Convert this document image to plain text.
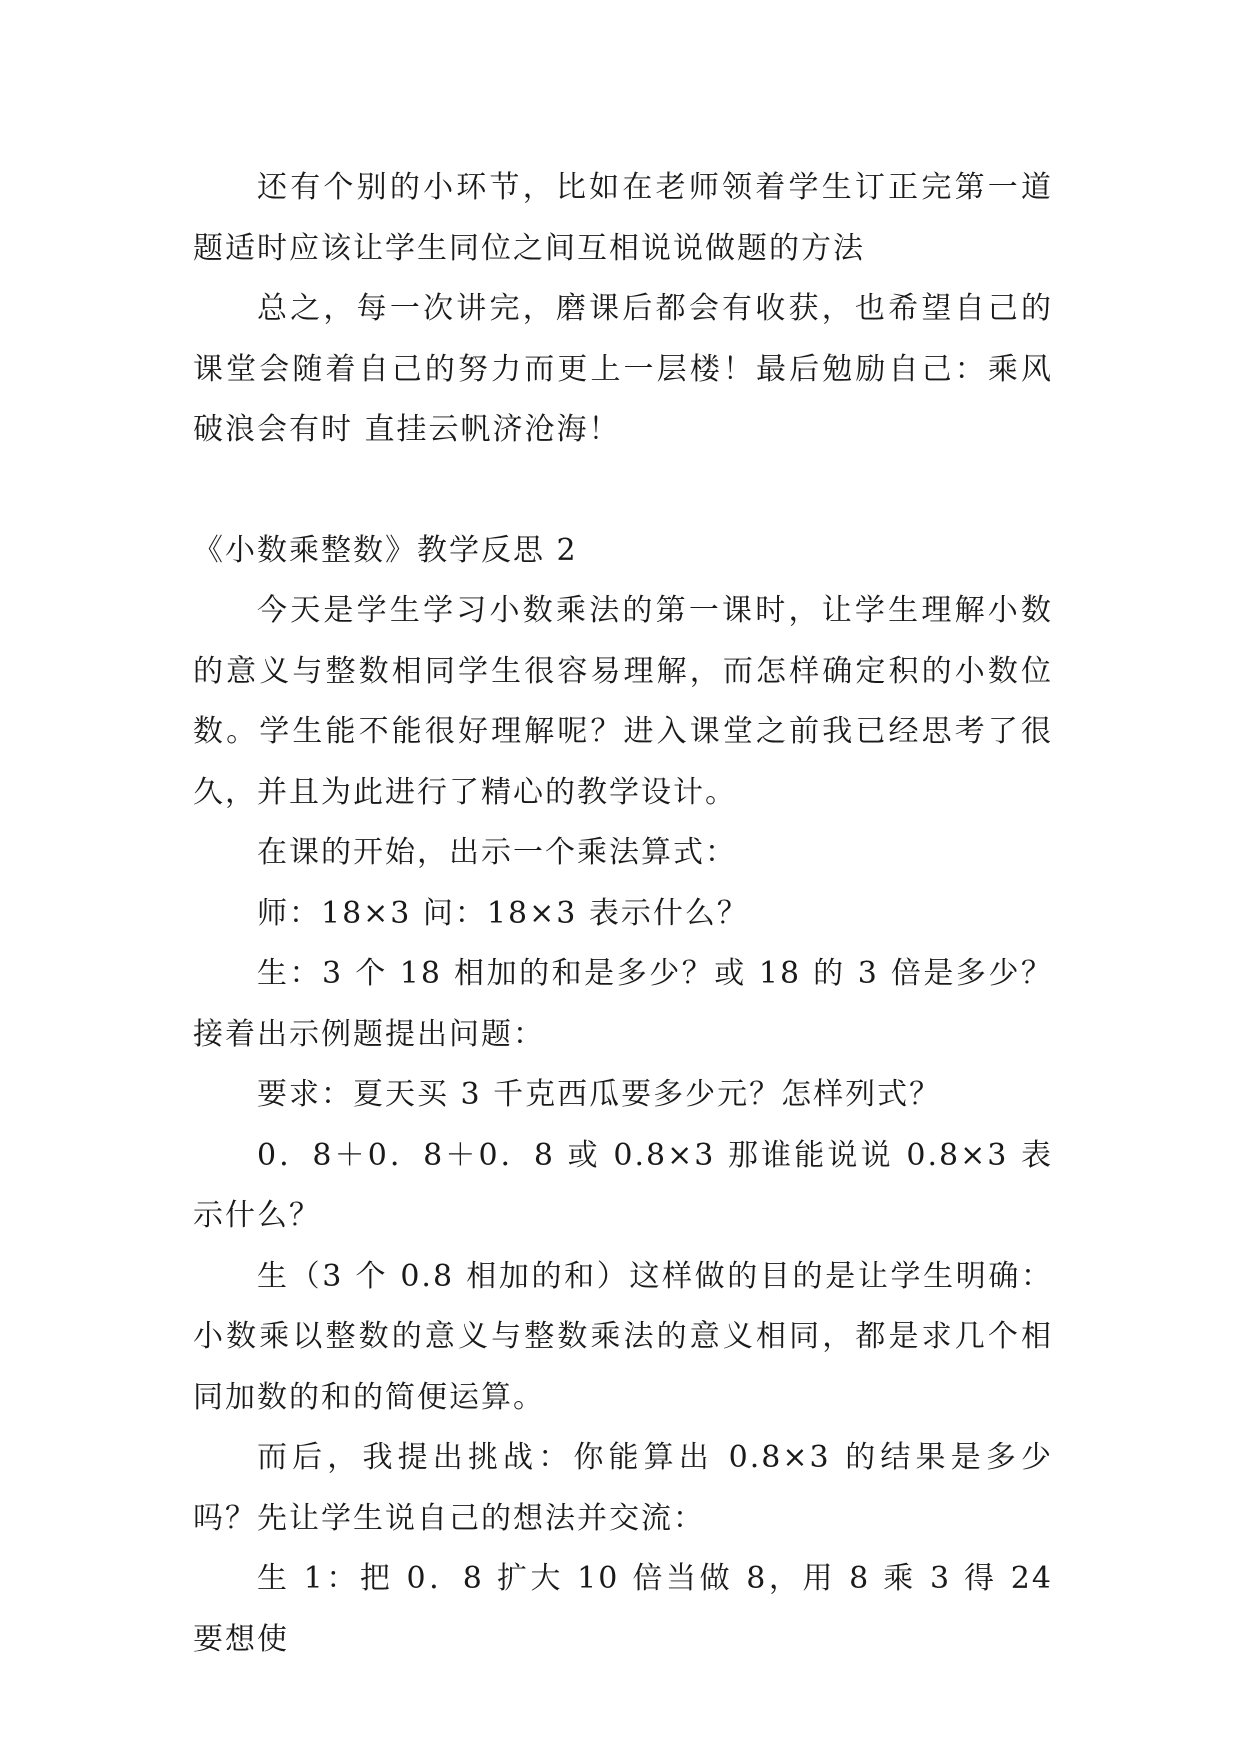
还有个别的小环节，比如在老师领着学生订正完第一道题适时应该让学生同位之间互相说说做题的方法

总之，每一次讲完，磨课后都会有收获，也希望自己的课堂会随着自己的努力而更上一层楼！最后勉励自己：乘风破浪会有时 直挂云帆济沧海！

《小数乘整数》教学反思 2

今天是学生学习小数乘法的第一课时，让学生理解小数的意义与整数相同学生很容易理解，而怎样确定积的小数位数。学生能不能很好理解呢？进入课堂之前我已经思考了很久，并且为此进行了精心的教学设计。

在课的开始，出示一个乘法算式：

师：18×3 问：18×3 表示什么？

生：3 个 18 相加的和是多少？或 18 的 3 倍是多少？接着出示例题提出问题：

要求：夏天买 3 千克西瓜要多少元？怎样列式？

0．8＋0．8＋0．8 或 0.8×3 那谁能说说 0.8×3 表示什么？

生（3 个 0.8 相加的和）这样做的目的是让学生明确：小数乘以整数的意义与整数乘法的意义相同，都是求几个相同加数的和的简便运算。

而后，我提出挑战：你能算出 0.8×3 的结果是多少吗？先让学生说自己的想法并交流：

生 1：把 0．8 扩大 10 倍当做 8，用 8 乘 3 得 24 要想使
